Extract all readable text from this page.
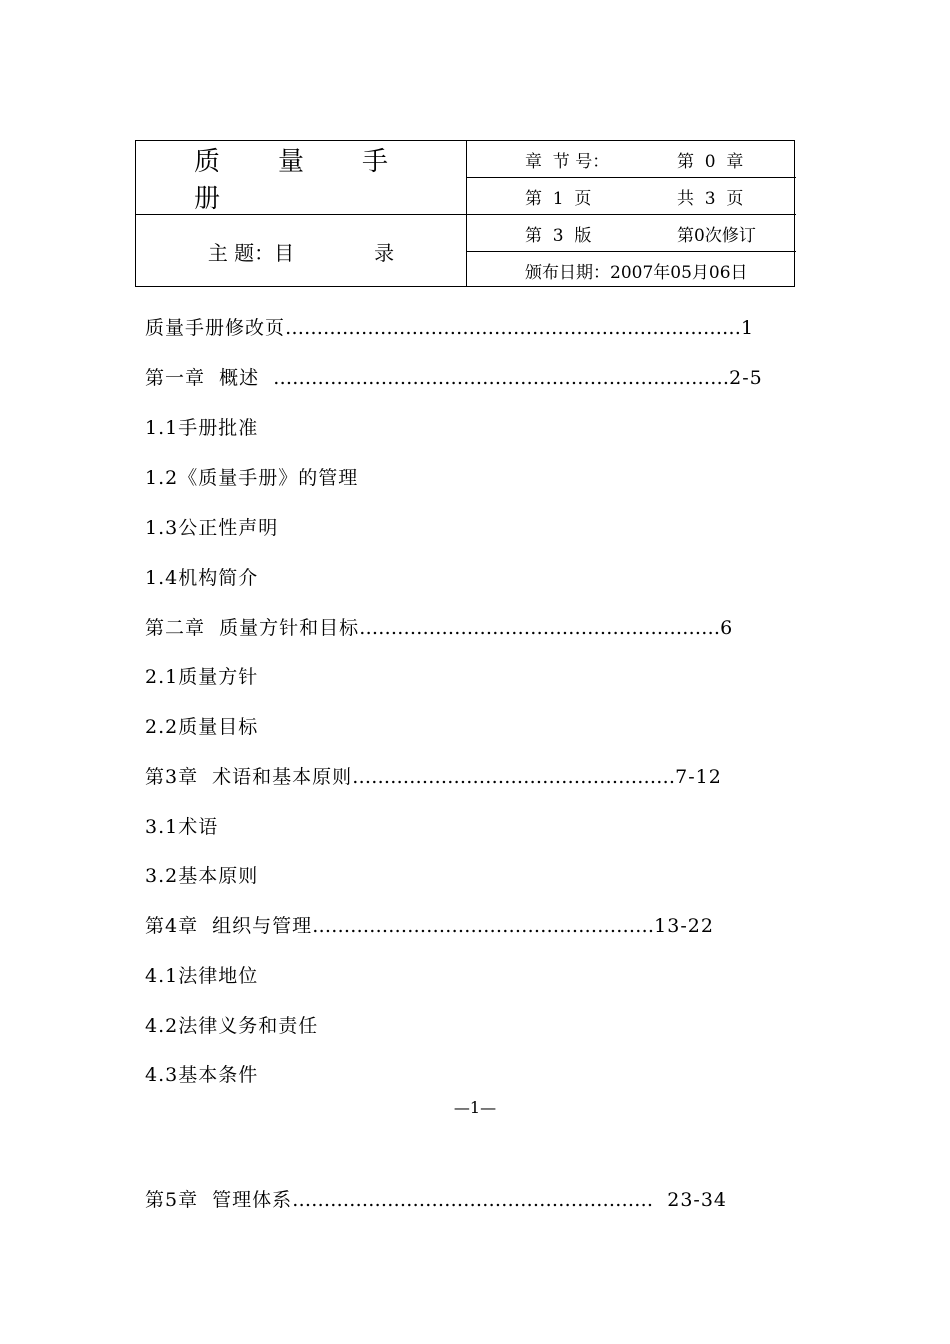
质量手册
主 题：目	录
章  节 号：	第  0  章
第  1  页	共  3  页
第  3  版	第0次修订
颁布日期：2007年05月06日
质量手册修改页………………………………………………………………1
第一章  概述  ………………………………………………………………2-5
1.1手册批准
1.2《质量手册》的管理
1.3公正性声明
1.4机构简介
第二章  质量方针和目标…………………………………………………6
2.1质量方针
2.2质量目标
第3章  术语和基本原则……………………………………………7-12
3.1术语
3.2基本原则
第4章  组织与管理………………………………………………13-22
4.1法律地位
4.2法律义务和责任
4.3基本条件
—1—
第5章  管理体系…………………………………………………  23-34
